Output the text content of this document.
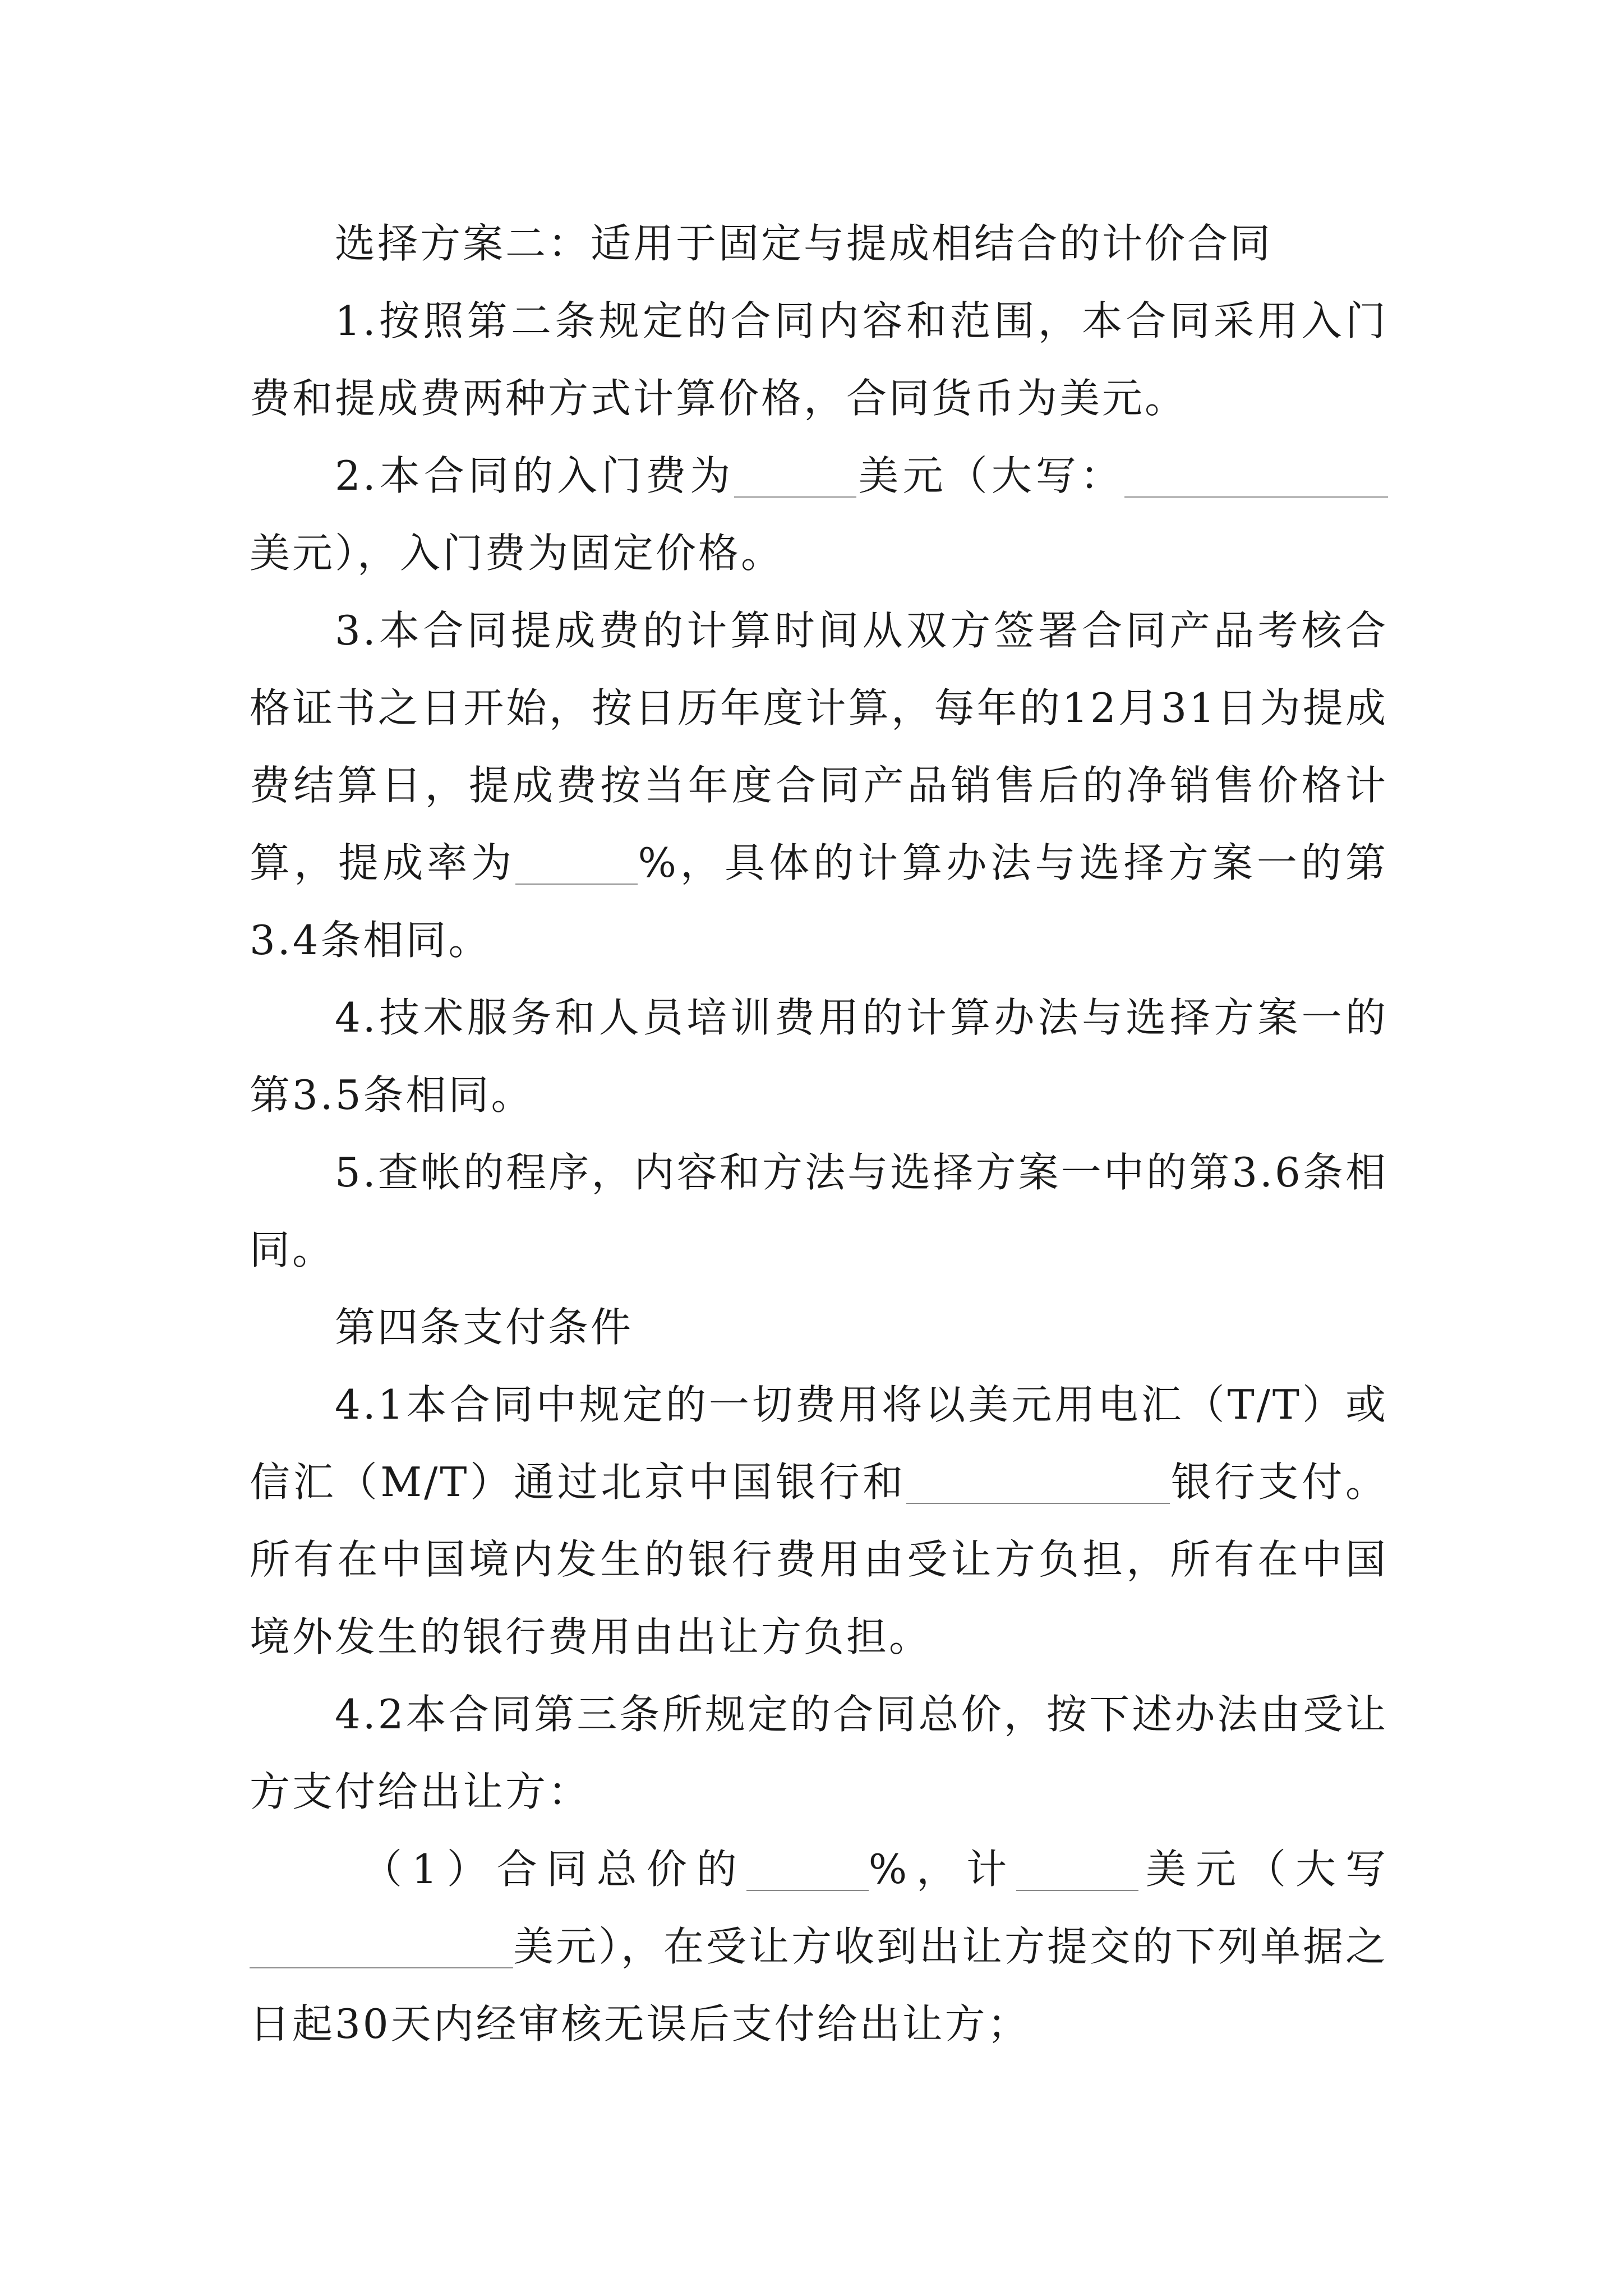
选择方案二：适用于固定与提成相结合的计价合同

1.按照第二条规定的合同内容和范围，本合同采用入门费和提成费两种方式计算价格，合同货币为美元。

2.本合同的入门费为	美元（大写：美元），入门费为固定价格。

3.本合同提成费的计算时间从双方签署合同产品考核合格证书之日开始，按日历年度计算，每年的12月31日为提成费结算日，提成费按当年度合同产品销售后的净销售价格计算，提成率为	%，具体的计算办法与选择方案一的第3.4条相同。

4.技术服务和人员培训费用的计算办法与选择方案一的第3.5条相同。

5.查帐的程序，内容和方法与选择方案一中的第3.6条相同。

第四条支付条件

4.1本合同中规定的一切费用将以美元用电汇（T/T）或信汇（M/T）通过北京中国银行和	银行支付。所有在中国境内发生的银行费用由受让方负担，所有在中国境外发生的银行费用由出让方负担。

4.2本合同第三条所规定的合同总价，按下述办法由受让方支付给出让方：

（1）合同总价的	%，计	美元（大写美元），在受让方收到出让方提交的下列单据之日起30天内经审核无误后支付给出让方；
